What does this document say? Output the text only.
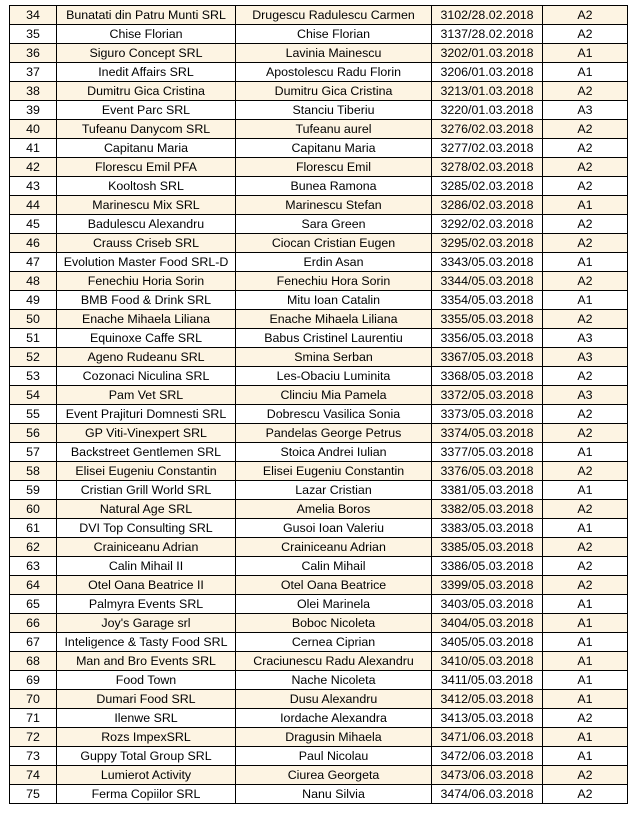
34	Bunatati din Patru Munti SRL	Drugescu Radulescu Carmen	3102/28.02.2018	A2
35	Chise Florian	Chise Florian	3137/28.02.2018	A2
36	Siguro Concept SRL	Lavinia Mainescu	3202/01.03.2018	A1
37	Inedit Affairs SRL	Apostolescu Radu Florin	3206/01.03.2018	A1
38	Dumitru Gica Cristina	Dumitru Gica Cristina	3213/01.03.2018	A2
39	Event Parc SRL	Stanciu Tiberiu	3220/01.03.2018	A3
40	Tufeanu Danycom SRL	Tufeanu aurel	3276/02.03.2018	A2
41	Capitanu Maria	Capitanu Maria	3277/02.03.2018	A2
42	Florescu Emil PFA	Florescu Emil	3278/02.03.2018	A2
43	Kooltosh SRL	Bunea Ramona	3285/02.03.2018	A2
44	Marinescu Mix SRL	Marinescu Stefan	3286/02.03.2018	A1
45	Badulescu Alexandru	Sara Green	3292/02.03.2018	A2
46	Crauss Criseb SRL	Ciocan Cristian Eugen	3295/02.03.2018	A2
47	Evolution Master Food SRL-D	Erdin Asan	3343/05.03.2018	A1
48	Fenechiu Horia Sorin	Fenechiu Hora Sorin	3344/05.03.2018	A2
49	BMB Food & Drink SRL	Mitu Ioan Catalin	3354/05.03.2018	A1
50	Enache Mihaela Liliana	Enache Mihaela Liliana	3355/05.03.2018	A2
51	Equinoxe Caffe SRL	Babus Cristinel Laurentiu	3356/05.03.2018	A3
52	Ageno Rudeanu SRL	Smina Serban	3367/05.03.2018	A3
53	Cozonaci Niculina SRL	Les-Obaciu Luminita	3368/05.03.2018	A2
54	Pam Vet SRL	Clinciu Mia Pamela	3372/05.03.2018	A3
55	Event Prajituri Domnesti SRL	Dobrescu Vasilica Sonia	3373/05.03.2018	A2
56	GP Viti-Vinexpert SRL	Pandelas George Petrus	3374/05.03.2018	A2
57	Backstreet Gentlemen SRL	Stoica Andrei Iulian	3377/05.03.2018	A1
58	Elisei Eugeniu Constantin	Elisei Eugeniu Constantin	3376/05.03.2018	A2
59	Cristian Grill World SRL	Lazar Cristian	3381/05.03.2018	A1
60	Natural Age SRL	Amelia Boros	3382/05.03.2018	A2
61	DVI Top Consulting SRL	Gusoi Ioan Valeriu	3383/05.03.2018	A1
62	Crainiceanu Adrian	Crainiceanu Adrian	3385/05.03.2018	A2
63	Calin Mihail II	Calin Mihail	3386/05.03.2018	A2
64	Otel Oana Beatrice II	Otel Oana Beatrice	3399/05.03.2018	A2
65	Palmyra Events SRL	Olei Marinela	3403/05.03.2018	A1
66	Joy's Garage srl	Boboc Nicoleta	3404/05.03.2018	A1
67	Inteligence & Tasty Food SRL	Cernea Ciprian	3405/05.03.2018	A1
68	Man and Bro Events SRL	Craciunescu Radu Alexandru	3410/05.03.2018	A1
69	Food Town	Nache Nicoleta	3411/05.03.2018	A1
70	Dumari Food SRL	Dusu Alexandru	3412/05.03.2018	A1
71	Ilenwe SRL	Iordache Alexandra	3413/05.03.2018	A2
72	Rozs ImpexSRL	Dragusin Mihaela	3471/06.03.2018	A1
73	Guppy Total Group SRL	Paul Nicolau	3472/06.03.2018	A1
74	Lumierot Activity	Ciurea Georgeta	3473/06.03.2018	A2
75	Ferma Copiilor SRL	Nanu Silvia	3474/06.03.2018	A2
